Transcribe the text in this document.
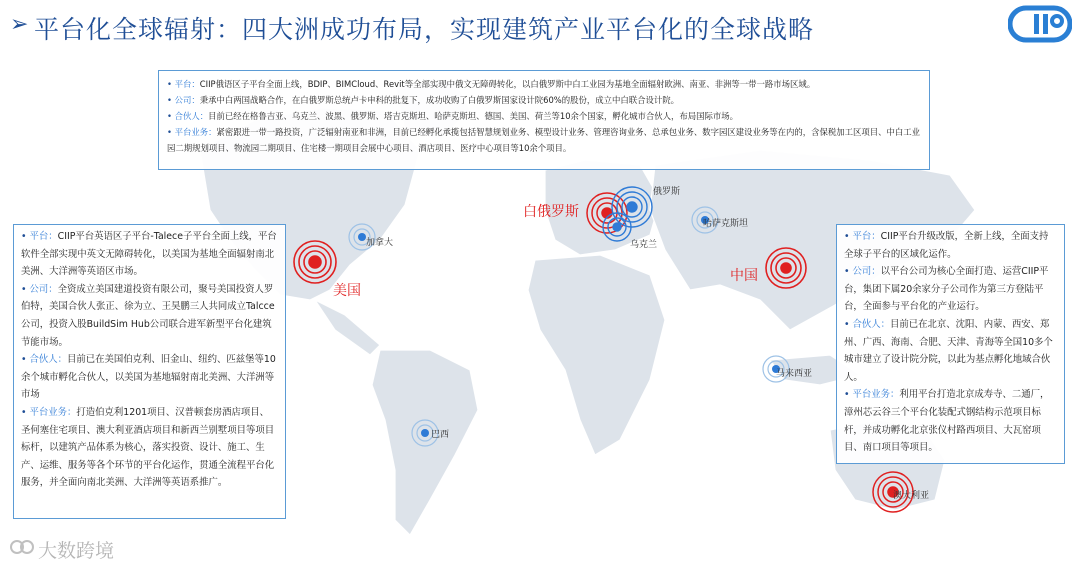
加拿大
美国
巴西
白俄罗斯
俄罗斯
乌克兰
哈萨克斯坦
中国
马来西亚
澳大利亚
➢ 平台化全球辐射：四大洲成功布局，实现建筑产业平台化的全球战略

• 平台：CIIP俄语区子平台全面上线，BDIP、BIMCloud、Revit等全部实现中俄文无障碍转化，以白俄罗斯中白工业园为基地全面辐射欧洲、南亚、非洲等一带一路市场区域。

• 公司：秉承中白两国战略合作，在白俄罗斯总统卢卡申科的批复下，成功收购了白俄罗斯国家设计院60%的股份，成立中白联合设计院。

• 合伙人：目前已经在格鲁吉亚、乌克兰、波黑、俄罗斯、塔吉克斯坦、哈萨克斯坦、德国、美国、荷兰等10余个国家，孵化城市合伙人，布局国际市场。

• 平台业务：紧密跟进一带一路投资，广泛辐射南亚和非洲，目前已经孵化承揽包括智慧规划业务、模型设计业务、管理咨询业务、总承包业务、数字园区建设业务等在内的，含保税加工区项目、中白工业园二期规划项目、物流园二期项目、住宅楼一期项目会展中心项目、酒店项目、医疗中心项目等10余个项目。

• 平台：CIIP平台英语区子平台-Talece子平台全面上线，平台软件全部实现中英文无障碍转化，以美国为基地全面辐射南北美洲、大洋洲等英语区市场。

• 公司：全资成立美国建道投资有限公司，聚号美国投资人罗伯特，美国合伙人张正、徐为立、王昊鹏三人共同成立Talcce公司，投资入股BuildSim Hub公司联合进军新型平台化建筑节能市场。

• 合伙人：目前已在美国伯克利、旧金山、纽约、匹兹堡等10余个城市孵化合伙人，以美国为基地辐射南北美洲、大洋洲等市场

• 平台业务：打造伯克利1201项目、汉普顿套房酒店项目、圣何塞住宅项目、澳大利亚酒店项目和新西兰别墅项目等项目标杆，以建筑产品体系为核心，落实投资、设计、施工、生产、运维、服务等各个环节的平台化运作，贯通全流程平台化服务，并全面向南北美洲、大洋洲等英语系推广。

• 平台：CIIP平台升级改版，全新上线，全面支持全球子平台的区域化运作。

• 公司：以平台公司为核心全面打造、运营CIIP平台，集团下属20余家分子公司作为第三方登陆平台，全面参与平台化的产业运行。

• 合伙人：目前已在北京、沈阳、内蒙、西安、郑州、广西、海南、合肥、天津、青海等全国10多个城市建立了设计院分院，以此为基点孵化地域合伙人。

• 平台业务：利用平台打造北京成寿寺、二通厂，漳州芯云谷三个平台化装配式钢结构示范项目标杆，并成功孵化北京张仪村路西项目、大瓦窑项目、南口项目等项目。

大数跨境
